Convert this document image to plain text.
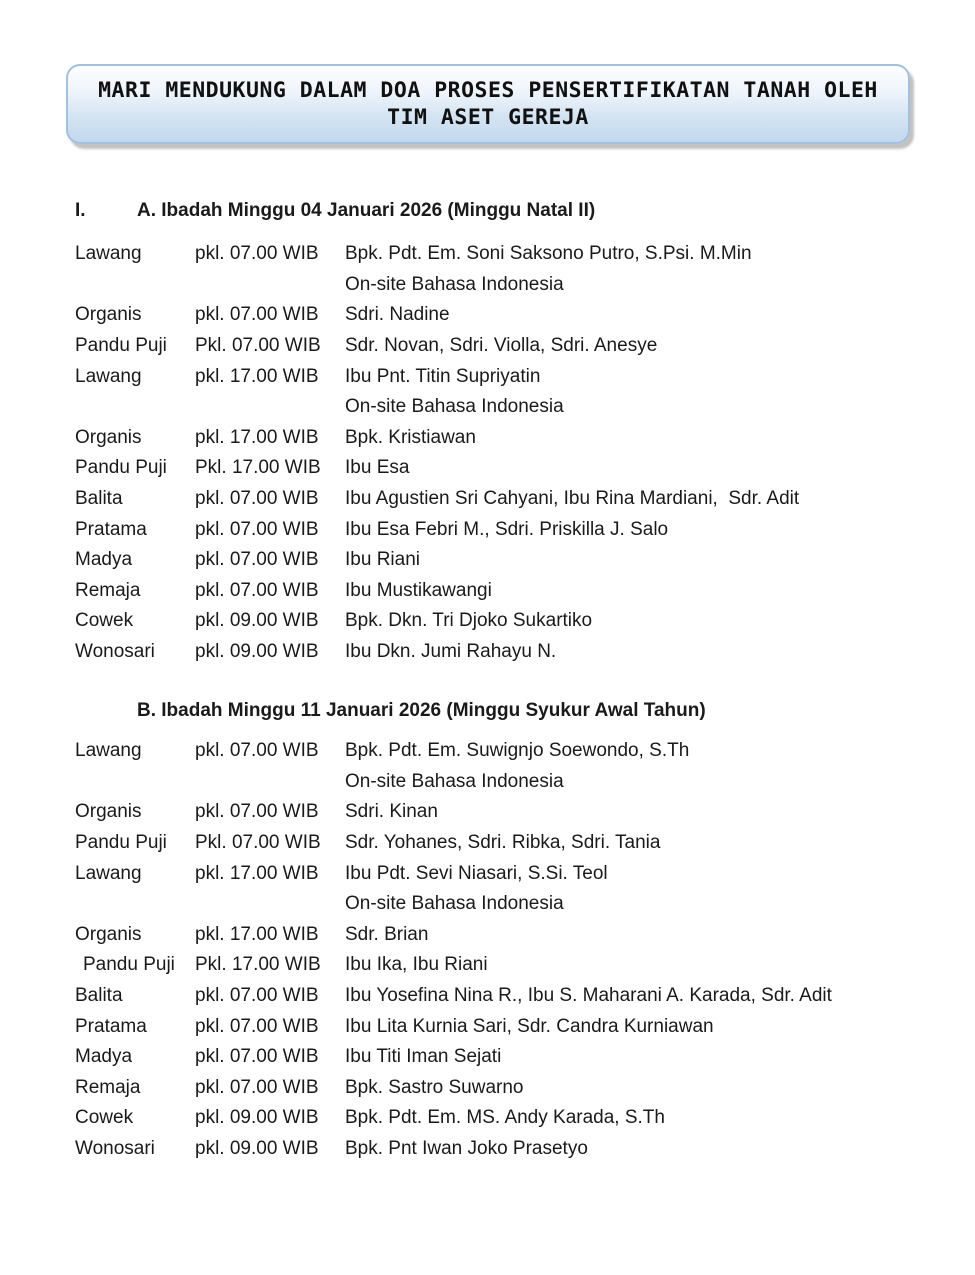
MARI MENDUKUNG DALAM DOA PROSES PENSERTIFIKATAN TANAH OLEH
TIM ASET GEREJA
I.	A. Ibadah Minggu 04 Januari 2026 (Minggu Natal II)
Lawang	pkl. 07.00 WIB	Bpk. Pdt. Em. Soni Saksono Putro, S.Psi. M.Min
On-site Bahasa Indonesia
Organis	pkl. 07.00 WIB	Sdri. Nadine
Pandu Puji	Pkl. 07.00 WIB	Sdr. Novan, Sdri. Violla, Sdri. Anesye
Lawang	pkl. 17.00 WIB	Ibu Pnt. Titin Supriyatin
On-site Bahasa Indonesia
Organis	pkl. 17.00 WIB	Bpk. Kristiawan
Pandu Puji	Pkl. 17.00 WIB	Ibu Esa
Balita	pkl. 07.00 WIB	Ibu Agustien Sri Cahyani, Ibu Rina Mardiani,  Sdr. Adit
Pratama	pkl. 07.00 WIB	Ibu Esa Febri M., Sdri. Priskilla J. Salo
Madya	pkl. 07.00 WIB	Ibu Riani
Remaja	pkl. 07.00 WIB	Ibu Mustikawangi
Cowek	pkl. 09.00 WIB	Bpk. Dkn. Tri Djoko Sukartiko
Wonosari	pkl. 09.00 WIB	Ibu Dkn. Jumi Rahayu N.
B. Ibadah Minggu 11 Januari 2026 (Minggu Syukur Awal Tahun)
Lawang	pkl. 07.00 WIB	Bpk. Pdt. Em. Suwignjo Soewondo, S.Th
On-site Bahasa Indonesia
Organis	pkl. 07.00 WIB	Sdri. Kinan
Pandu Puji	Pkl. 07.00 WIB	Sdr. Yohanes, Sdri. Ribka, Sdri. Tania
Lawang	pkl. 17.00 WIB	Ibu Pdt. Sevi Niasari, S.Si. Teol
On-site Bahasa Indonesia
Organis	pkl. 17.00 WIB	Sdr. Brian
Pandu Puji	Pkl. 17.00 WIB	Ibu Ika, Ibu Riani
Balita	pkl. 07.00 WIB	Ibu Yosefina Nina R., Ibu S. Maharani A. Karada, Sdr. Adit
Pratama	pkl. 07.00 WIB	Ibu Lita Kurnia Sari, Sdr. Candra Kurniawan
Madya	pkl. 07.00 WIB	Ibu Titi Iman Sejati
Remaja	pkl. 07.00 WIB	Bpk. Sastro Suwarno
Cowek	pkl. 09.00 WIB	Bpk. Pdt. Em. MS. Andy Karada, S.Th
Wonosari	pkl. 09.00 WIB	Bpk. Pnt Iwan Joko Prasetyo
